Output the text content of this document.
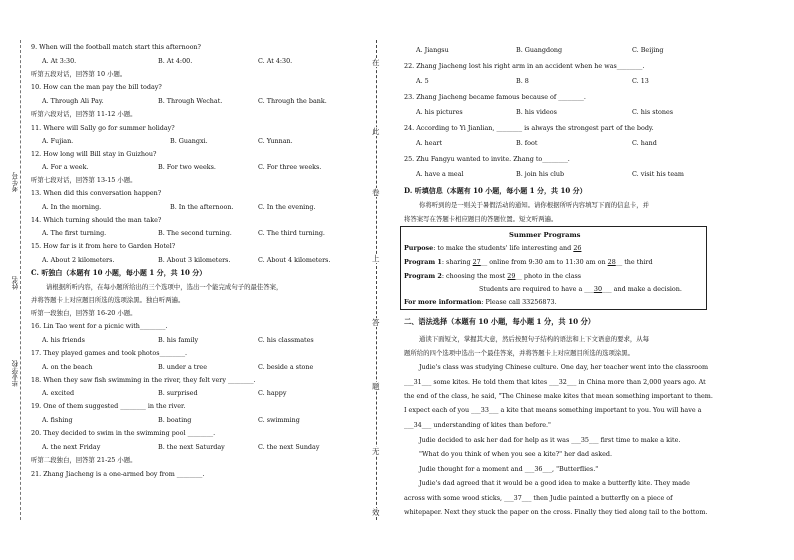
考生号
姓名
毕业学校
在
此
卷
上
答
题
无
效
9. When will the football match start this afternoon?
A. At 3:30.	B. At 4:00.	C. At 4:30.
听第五段对话，回答第 10 小题。
10. How can the man pay the bill today?
A. Through Ali Pay.	B. Through Wechat.	C. Through the bank.
听第六段对话，回答第 11-12 小题。
11. Where will Sally go for summer holiday?
A. Fujian.	B. Guangxi.	C. Yunnan.
12. How long will Bill stay in Guizhou?
A. For a week.	B. For two weeks.	C. For three weeks.
听第七段对话，回答第 13-15 小题。
13. When did this conversation happen?
A. In the morning.	B. In the afternoon.	C. In the evening.
14. Which turning should the man take?
A. The first turning.	B. The second turning.	C. The third turning.
15. How far is it from here to Garden Hotel?
A. About 2 kilometers.	B. About 3 kilometers.	C. About 4 kilometers.
C. 听独白（本题有 10 小题，每小题 1 分，共 10 分）
请根据所听内容，在每小题所给出的三个选项中，选出一个能完成句子的最佳答案，
并将答题卡上对应题目所选的选项涂黑。独白听两遍。
听第一段独白，回答第 16-20 小题。
16. Lin Tao went for a picnic with________.
A. his friends	B. his family	C. his classmates
17. They played games and took photos________.
A. on the beach	B. under a tree	C. beside a stone
18. When they saw fish swimming in the river, they felt very ________.
A. excited	B. surprised	C. happy
19. One of them suggested ________ in the river.
A. fishing	B. boating	C. swimming
20. They decided to swim in the swimming pool ________.
A. the next Friday	B. the next Saturday	C. the next Sunday
听第二段独白，回答第 21-25 小题。
21. Zhang Jiacheng is a one-armed boy from ________.
A. Jiangsu	B. Guangdong	C. Beijing
22. Zhang Jiacheng lost his right arm in an accident when he was________.
A. 5	B. 8	C. 13
23. Zhang Jiacheng became famous because of ________.
A. his pictures	B. his videos	C. his stones
24. According to Yi Jianlian, ________ is always the strongest part of the body.
A. heart	B. foot	C. hand
25. Zhu Fangyu wanted to invite. Zhang to________.
A. have a meal	B. join his club	C. visit his team
D. 听填信息（本题有 10 小题，每小题 1 分，共 10 分）
你将听到的是一则关于暑假活动的通知。请你根据所听内容填写下面的信息卡，并
将答案写在答题卡相应题目的答题位置。短文听两遍。
Summer Programs
Purpose: to make the students' life interesting and 26
Program 1: sharing 27__ online from 9:30 am to 11:30 am on 28__ the third
Program 2: choosing the most 29__ photo in the class
Students are required to have a ___30___ and make a decision.
For more information: Please call 33256873.
二、语法选择（本题有 10 小题，每小题 1 分，共 10 分）
通读下面短文，掌握其大意，然后按照句子结构的语法和上下文语意的要求，从每
题所给的四个选项中选出一个最佳答案，并将答题卡上对应题目所选的选项涂黑。
Judie's class was studying Chinese culture. One day, her teacher went into the classroom
___31___ some kites. He told them that kites ___32___ in China more than 2,000 years ago. At
the end of the class, he said, "The Chinese make kites that mean something important to them.
I expect each of you ___33___ a kite that means something important to you. You will have a
___34___ understanding of kites than before."
Judie decided to ask her dad for help as it was ___35___ first time to make a kite.
"What do you think of when you see a kite?" her dad asked.
Judie thought for a moment and ___36___, "Butterflies."
Judie's dad agreed that it would be a good idea to make a butterfly kite. They made
across with some wood sticks, ___37___ then Judie painted a butterfly on a piece of
whitepaper. Next they stuck the paper on the cross. Finally they tied along tail to the bottom.
